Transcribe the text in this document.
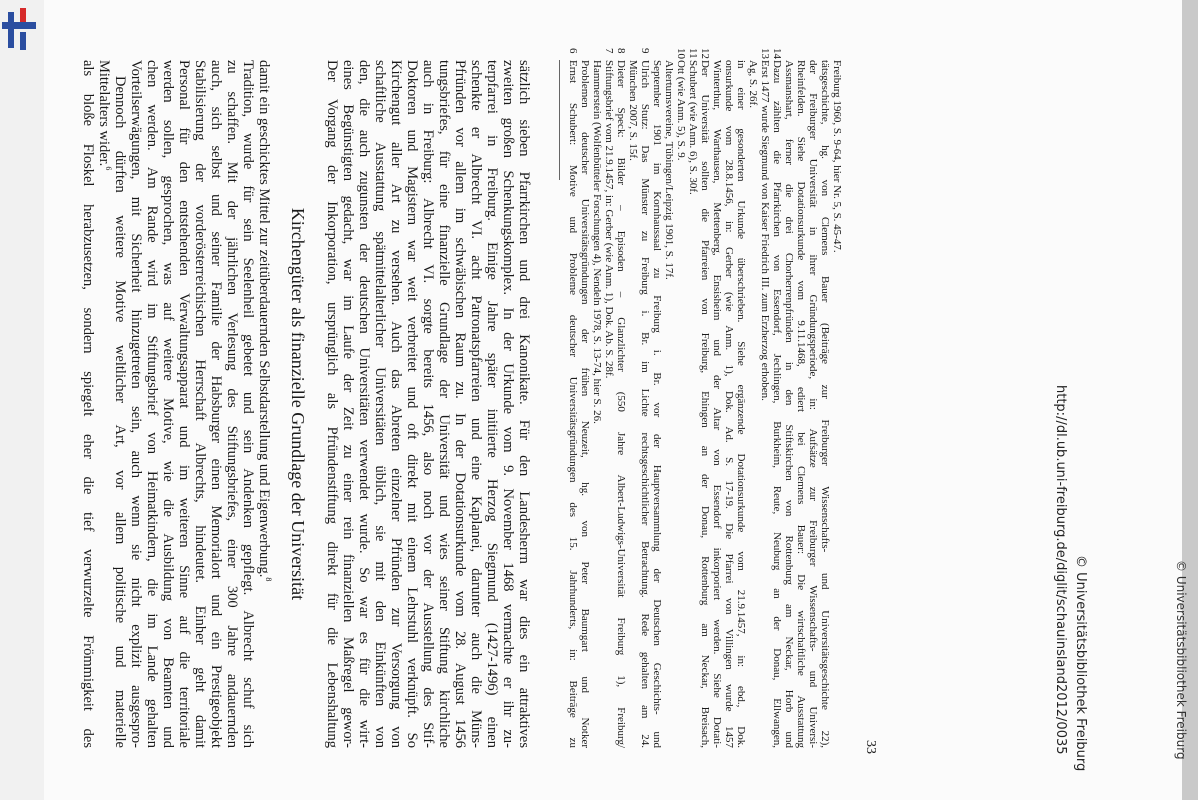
als bloße Floskel herabzusetzen, sondern spiegelt eher die tief verwurzelte Frömmigkeit des Mittelalters wider.$^6$ Dennoch dürften weitere Motive weltlicher Art, vor allem politische und materielle Vorteilserwägungen, mit Sicherheit hinzugetreten sein, auch wenn sie nicht explizit ausgespro- chen werden. Am Rande wird im Stiftungsbrief von Heimatkindern, die im Lande gehalten werden sollen, gesprochen, was auf weitere Motive, wie die Ausbildung von Beamten und Personal für den entstehenden Verwaltungsapparat und im weiteren Sinne auf die territoriale Stabilisierung der vorderösterreichischen Herrschaft Albrechts, hindeutet. Einher geht damit auch, sich selbst und seiner Familie der Habsburger einen Memorialort und ein Prestigeobjekt zu schaffen. Mit der jährlichen Verlesung des Stiftungsbriefes, einer 300 Jahre andauernden Tradition, wurde für sein Seelenheil gebetet und sein Andenken gepflegt. Albrecht schuf sich damit ein geschicktes Mittel zur zeitüberdauernden Selbstdarstellung und Eigenwerbung.$^8$ Kirchengüter als finanzielle Grundlage der Universität Der Vorgang der Inkorporation, ursprünglich als Pfründenstiftung direkt für die Lebenshaltung eines Begünstigten gedacht, war im Laufe der Zeit zu einer rein finanziellen Maßregel gewor- den, die auch zugunsten der deutschen Universitäten verwendet wurde. So war es für die wirt- schaftliche Ausstattung spätmittelalterlicher Universitäten üblich, sie mit den Einkünften von Kirchengut aller Art zu versehen. Auch das Abreten einzelner Pfründen zur Versorgung von Doktoren und Magistern war weit verbreitet und oft direkt mit einem Lehrstuhl verknüpft. So auch in Freiburg: Albrecht VI. sorgte bereits 1456, also noch vor der Ausstellung des Stif- tungsbriefes, für eine finanzielle Grundlage der Universität und wies seiner Stiftung kirchliche Pfründen vor allem im schwäbischen Raum zu. In der Dotationsurkunde vom 28. August 1456 schenkte er Albrecht VI. acht Patronatspfarreien und eine Kaplanei, darunter auch die Müns- terpfarrei in Freiburg. Einige Jahre später initiierte Herzog Siegmund (1427-1496) einen zweiten großen Schenkungskomplex. In der Urkunde vom 9. November 1468 vermachte er ihr zu- sätzlich sieben Pfarrkirchen und drei Kanonikate. Für den Landesherrn war dies ein attraktives
6
Ernst Schubert: Motive und Probleme deutscher Universitätsgründungen des 15. Jahrhunderts, in: Beiträge zu Problemen deutscher Universitätsgründungen der frühen Neuzeit, hg. von Peter Baumgart und Notker Hammerstein (Wolfenbütteler Forschungen 4), Nendeln 1978, S. 13-74, hier S. 26.
7
Stiftungsbrief vom 21.9.1457, in: Gerber (wie Anm. 1), Dok. Ab. S. 28f.
8
Dieter Speck: Bilder – Episoden – Glanzlichter (550 Jahre Albert-Ludwigs-Universität Freiburg 1), Freiburg/ München 2007, S. 15f.
9
Ulrich Stutz: Das Münster zu Freiburg i. Br. im Lichte rechtsgeschichtlicher Betrachtung. Rede gehalten am 24. September 1901 im Kornhaussaal zu Freiburg i. Br. vor der Hauptversammlung der Deutschen Geschichts- und Altertumsvereine, Tübingen/Leipzig 1901, S. 17f.
10
Ott (wie Anm. 5), S. 9.
11
Schubert (wie Anm. 6), S. 30f.
12
Der Universität sollten die Pfarreien von Freiburg, Ehingen an der Donau, Rottenburg am Neckar, Breisach, Winterthur, Warthausen, Mettenberg, Ensisheim und der Altar von Essendorf inkorporiert werden. Siehe Dotati- onsurkunde vom 28.8.1456, in: Gerber (wie Anm. 1), Dok. Ad. S. 17-19. Die Pfarrei von Villingen wurde 1457 in einer gesonderten Urkunde überschrieben. Siehe ergänzende Dotationsurkunde vom 21.9.1457, in: ebd., Dok. Ag, S. 26f.
13
Erst 1477 wurde Siegmund von Kaiser Friedrich III. zum Erzherzog erhoben.
14
Dazu zählten die Pfarrkirchen von Essendorf, Jechlingen, Burkheim, Reute, Neuburg an der Donau, Ellwangen, Assmanshart, ferner die drei Chorherrenpfründen in den Stiftskirchen von Rottenburg am Neckar, Horb und Rheinfelden. Siehe Dotationsurkunde vom 9.11.1468, ediert bei Clemens Bauer: Die wirtschaftliche Ausstattung der Freiburger Universität in ihrer Gründungsperiode, in: Aufsätze zur Freiburger Wissenschafts- und Universi- tätsgeschichte, hg. von Clemens Bauer (Beiträge zur Freiburger Wissenschafts- und Universitätsgeschichte 22), Freiburg 1960, S. 9-64, hier Nr. 5, S. 45-47.
33	http://dl.ub.uni-freiburg.de/diglit/schauinsland2012/0035 © Universitätsbibliothek Freiburg	© Universitätsbibliothek Freiburg
